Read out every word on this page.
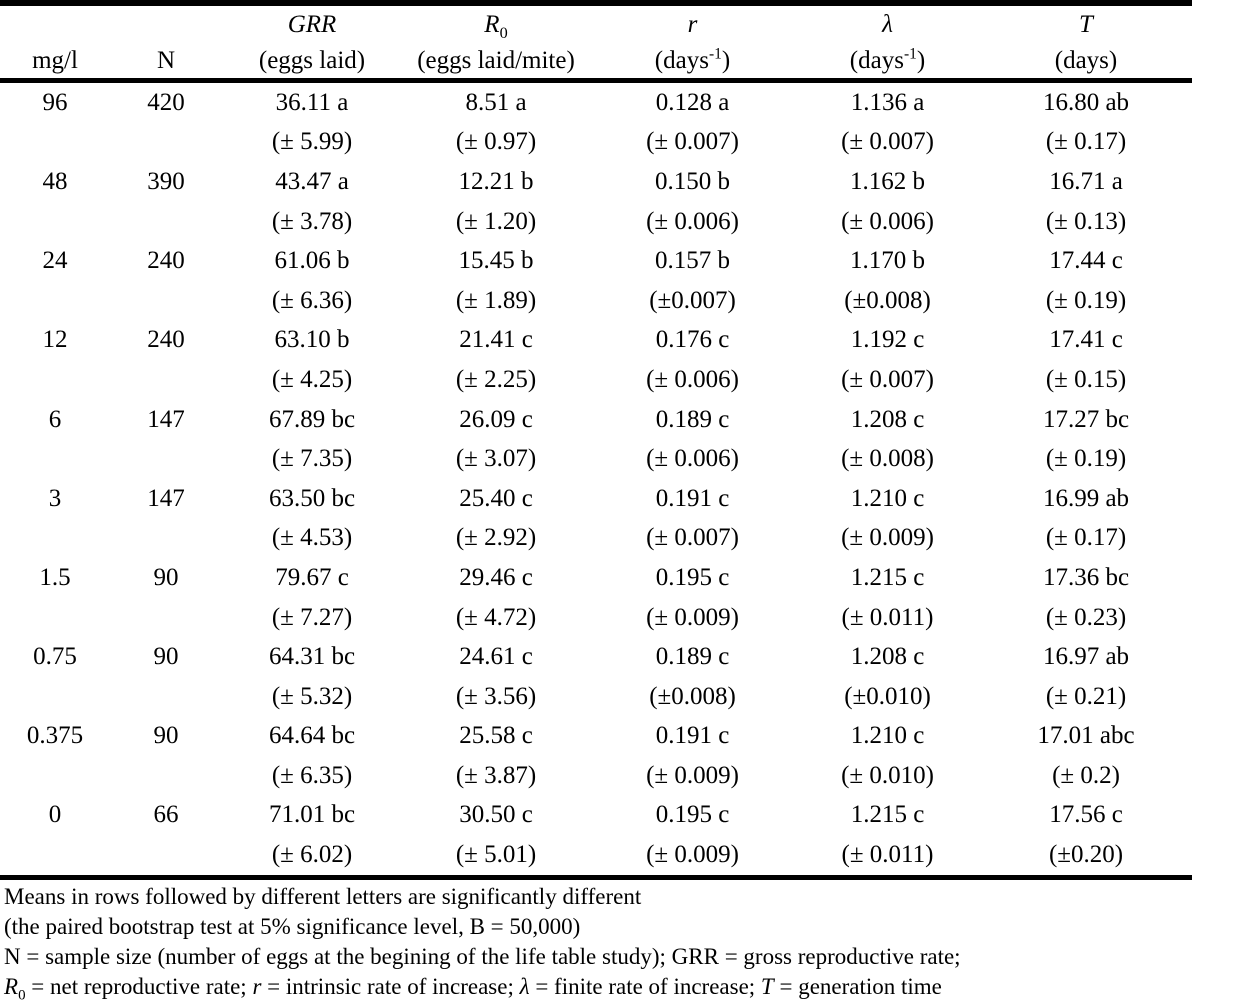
		GRR	$R_0$	r	λ	T
mg/l	N	(eggs laid)	(eggs laid/mite)	(days$^{-1}$)	(days$^{-1}$)	(days)
96	420	36.11 a	8.51 a	0.128 a	1.136 a	16.80 ab
		(± 5.99)	(± 0.97)	(± 0.007)	(± 0.007)	(± 0.17)
48	390	43.47 a	12.21 b	0.150 b	1.162 b	16.71 a
		(± 3.78)	(± 1.20)	(± 0.006)	(± 0.006)	(± 0.13)
24	240	61.06 b	15.45 b	0.157 b	1.170 b	17.44 c
		(± 6.36)	(± 1.89)	(±0.007)	(±0.008)	(± 0.19)
12	240	63.10 b	21.41 c	0.176 c	1.192 c	17.41 c
		(± 4.25)	(± 2.25)	(± 0.006)	(± 0.007)	(± 0.15)
6	147	67.89 bc	26.09 c	0.189 c	1.208 c	17.27 bc
		(± 7.35)	(± 3.07)	(± 0.006)	(± 0.008)	(± 0.19)
3	147	63.50 bc	25.40 c	0.191 c	1.210 c	16.99 ab
		(± 4.53)	(± 2.92)	(± 0.007)	(± 0.009)	(± 0.17)
1.5	90	79.67 c	29.46 c	0.195 c	1.215 c	17.36 bc
		(± 7.27)	(± 4.72)	(± 0.009)	(± 0.011)	(± 0.23)
0.75	90	64.31 bc	24.61 c	0.189 c	1.208 c	16.97 ab
		(± 5.32)	(± 3.56)	(±0.008)	(±0.010)	(± 0.21)
0.375	90	64.64 bc	25.58 c	0.191 c	1.210 c	17.01 abc
		(± 6.35)	(± 3.87)	(± 0.009)	(± 0.010)	(± 0.2)
0	66	71.01 bc	30.50 c	0.195 c	1.215 c	17.56 c
		(± 6.02)	(± 5.01)	(± 0.009)	(± 0.011)	(±0.20)
Means in rows followed by different letters are significantly different
(the paired bootstrap test at 5% significance level, B = 50,000)
N = sample size (number of eggs at the begining of the life table study); GRR = gross reproductive rate;
$R_0$ = net reproductive rate; r = intrinsic rate of increase; λ = finite rate of increase; T = generation time
